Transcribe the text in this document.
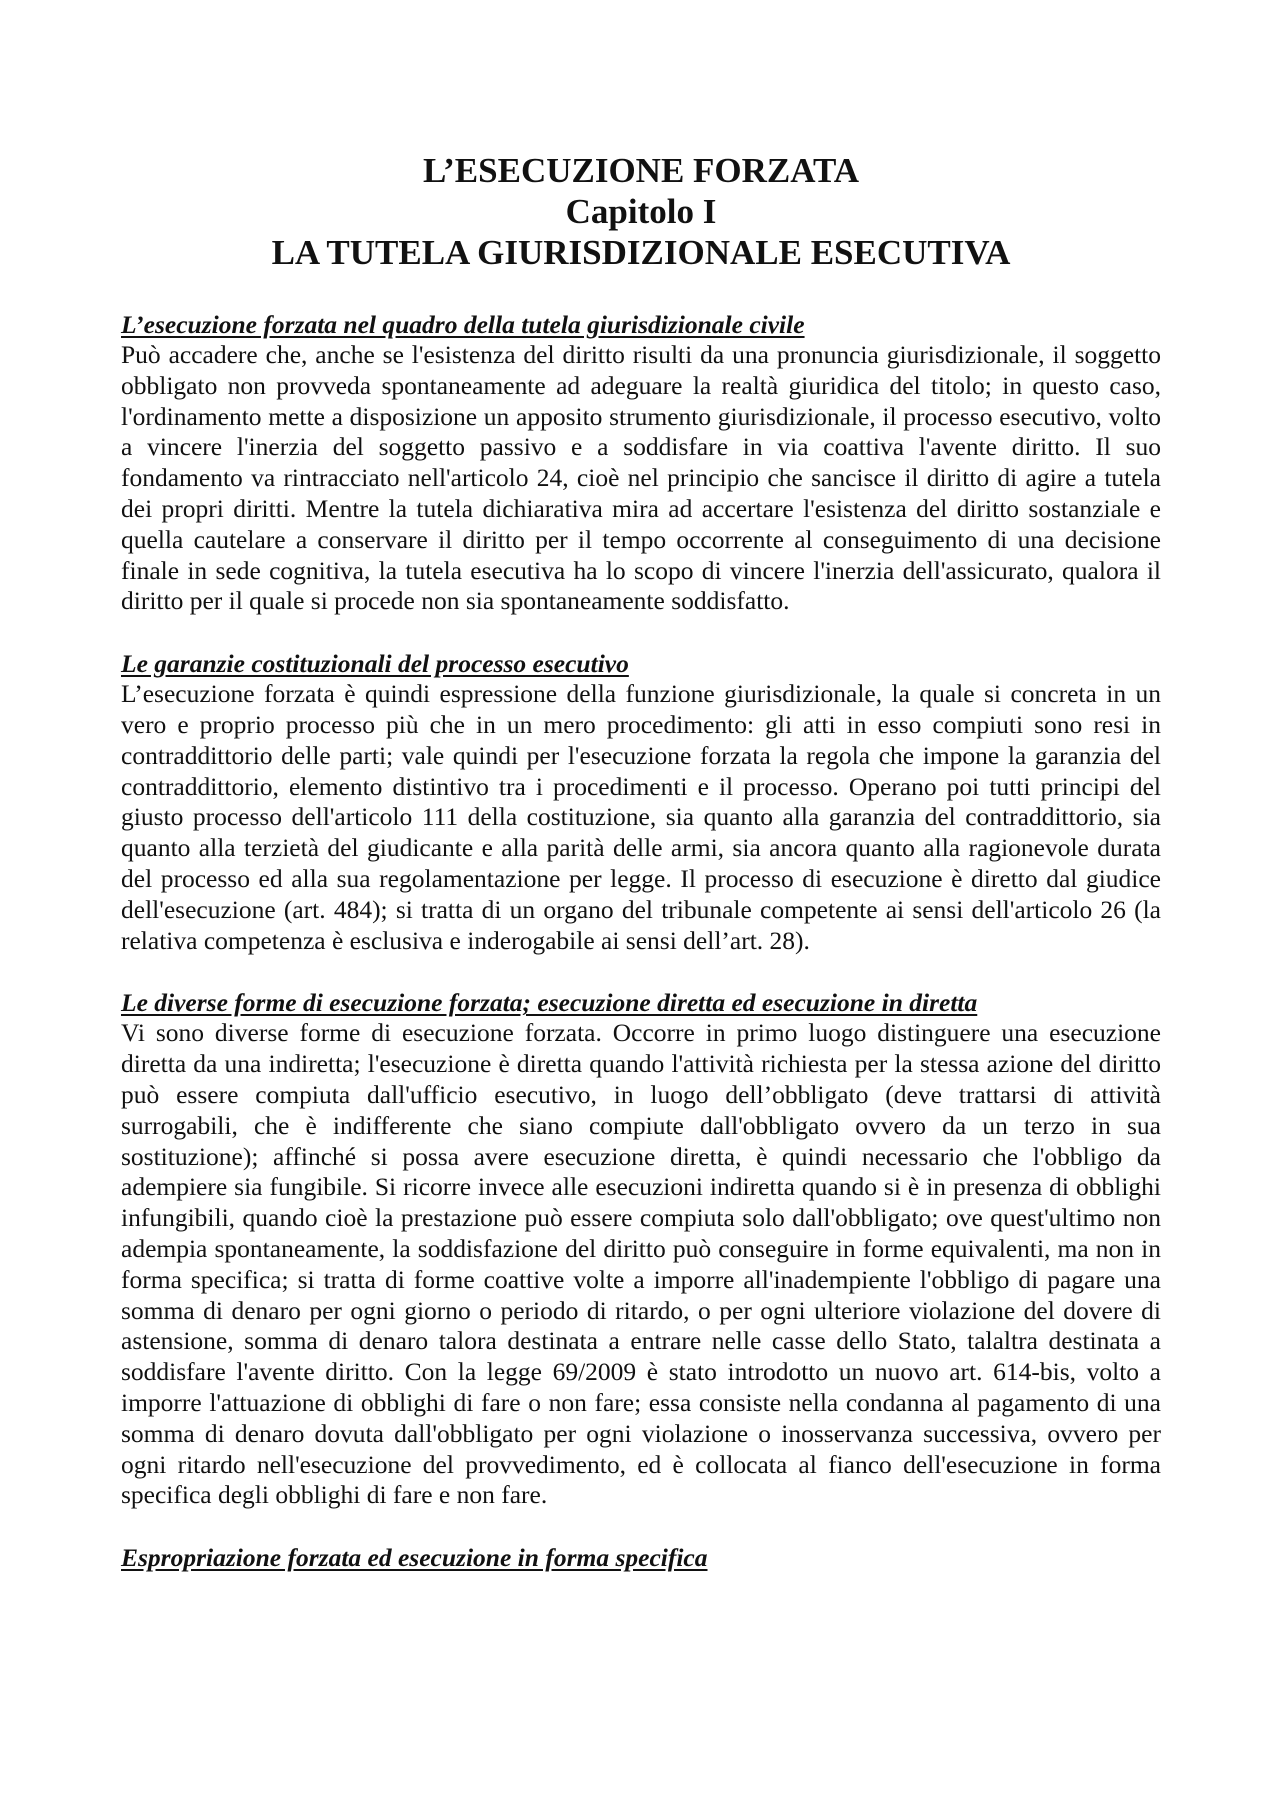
L’ESECUZIONE FORZATA
Capitolo I
LA TUTELA GIURISDIZIONALE ESECUTIVA

L’esecuzione forzata nel quadro della tutela giurisdizionale civile

Può accadere che, anche se l'esistenza del diritto risulti da una pronuncia giurisdizionale, il soggetto obbligato non provveda spontaneamente ad adeguare la realtà giuridica del titolo; in questo caso, l'ordinamento mette a disposizione un apposito strumento giurisdizionale, il processo esecutivo, volto a vincere l'inerzia del soggetto passivo e a soddisfare in via coattiva l'avente diritto. Il suo fondamento va rintracciato nell'articolo 24, cioè nel principio che sancisce il diritto di agire a tutela dei propri diritti. Mentre la tutela dichiarativa mira ad accertare l'esistenza del diritto sostanziale e quella cautelare a conservare il diritto per il tempo occorrente al conseguimento di una decisione finale in sede cognitiva, la tutela esecutiva ha lo scopo di vincere l'inerzia dell'assicurato, qualora il diritto per il quale si procede non sia spontaneamente soddisfatto.

Le garanzie costituzionali del processo esecutivo

L’esecuzione forzata è quindi espressione della funzione giurisdizionale, la quale si concreta in un vero e proprio processo più che in un mero procedimento: gli atti in esso compiuti sono resi in contraddittorio delle parti; vale quindi per l'esecuzione forzata la regola che impone la garanzia del contraddittorio, elemento distintivo tra i procedimenti e il processo. Operano poi tutti principi del giusto processo dell'articolo 111 della costituzione, sia quanto alla garanzia del contraddittorio, sia quanto alla terzietà del giudicante e alla parità delle armi, sia ancora quanto alla ragionevole durata del processo ed alla sua regolamentazione per legge. Il processo di esecuzione è diretto dal giudice dell'esecuzione (art. 484); si tratta di un organo del tribunale competente ai sensi dell'articolo 26 (la relativa competenza è esclusiva e inderogabile ai sensi dell’art. 28).

Le diverse forme di esecuzione forzata; esecuzione diretta ed esecuzione in diretta

Vi sono diverse forme di esecuzione forzata. Occorre in primo luogo distinguere una esecuzione diretta da una indiretta; l'esecuzione è diretta quando l'attività richiesta per la stessa azione del diritto può essere compiuta dall'ufficio esecutivo, in luogo dell’obbligato (deve trattarsi di attività surrogabili, che è indifferente che siano compiute dall'obbligato ovvero da un terzo in sua sostituzione); affinché si possa avere esecuzione diretta, è quindi necessario che l'obbligo da adempiere sia fungibile. Si ricorre invece alle esecuzioni indiretta quando si è in presenza di obblighi infungibili, quando cioè la prestazione può essere compiuta solo dall'obbligato; ove quest'ultimo non adempia spontaneamente, la soddisfazione del diritto può conseguire in forme equivalenti, ma non in forma specifica; si tratta di forme coattive volte a imporre all'inadempiente l'obbligo di pagare una somma di denaro per ogni giorno o periodo di ritardo, o per ogni ulteriore violazione del dovere di astensione, somma di denaro talora destinata a entrare nelle casse dello Stato, talaltra destinata a soddisfare l'avente diritto. Con la legge 69/2009 è stato introdotto un nuovo art. 614-bis, volto a imporre l'attuazione di obblighi di fare o non fare; essa consiste nella condanna al pagamento di una somma di denaro dovuta dall'obbligato per ogni violazione o inosservanza successiva, ovvero per ogni ritardo nell'esecuzione del provvedimento, ed è collocata al fianco dell'esecuzione in forma specifica degli obblighi di fare e non fare.

Espropriazione forzata ed esecuzione in forma specifica
